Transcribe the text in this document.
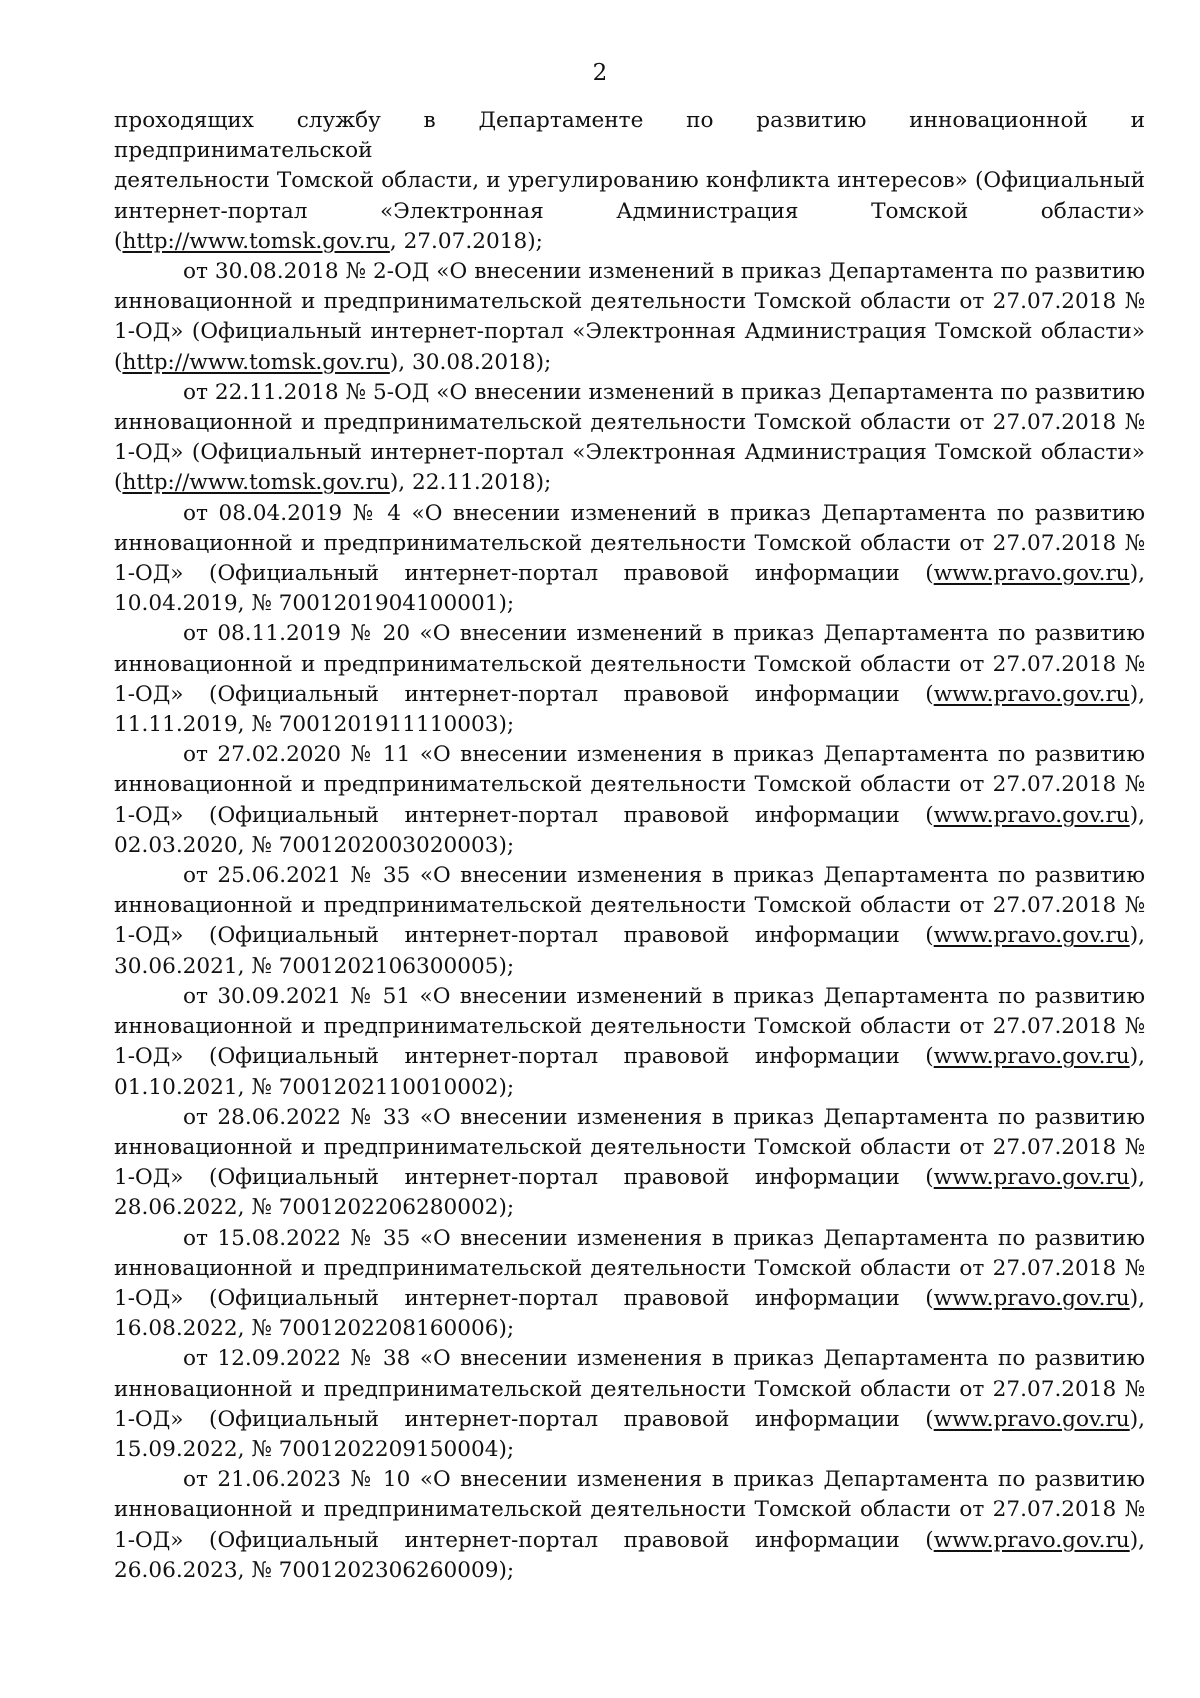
2

проходящих службу в Департаменте по развитию инновационной и предпринимательской
деятельности Томской области, и урегулированию конфликта интересов» (Официальный
интернет-портал «Электронная Администрация Томской области»
(http://www.tomsk.gov.ru, 27.07.2018);

от 30.08.2018 № 2-ОД «О внесении изменений в приказ Департамента по развитию инновационной и предпринимательской деятельности Томской области от 27.07.2018 № 1-ОД» (Официальный интернет-портал «Электронная Администрация Томской области» (http://www.tomsk.gov.ru), 30.08.2018);

от 22.11.2018 № 5-ОД «О внесении изменений в приказ Департамента по развитию инновационной и предпринимательской деятельности Томской области от 27.07.2018 № 1-ОД» (Официальный интернет-портал «Электронная Администрация Томской области» (http://www.tomsk.gov.ru), 22.11.2018);

от 08.04.2019 № 4 «О внесении изменений в приказ Департамента по развитию инновационной и предпринимательской деятельности Томской области от 27.07.2018 № 1-ОД» (Официальный интернет-портал правовой информации (www.pravo.gov.ru), 10.04.2019, № 7001201904100001);

от 08.11.2019 № 20 «О внесении изменений в приказ Департамента по развитию инновационной и предпринимательской деятельности Томской области от 27.07.2018 № 1-ОД» (Официальный интернет-портал правовой информации (www.pravo.gov.ru), 11.11.2019, № 7001201911110003);

от 27.02.2020 № 11 «О внесении изменения в приказ Департамента по развитию инновационной и предпринимательской деятельности Томской области от 27.07.2018 № 1-ОД» (Официальный интернет-портал правовой информации (www.pravo.gov.ru), 02.03.2020, № 7001202003020003);

от 25.06.2021 № 35 «О внесении изменения в приказ Департамента по развитию инновационной и предпринимательской деятельности Томской области от 27.07.2018 № 1-ОД» (Официальный интернет-портал правовой информации (www.pravo.gov.ru), 30.06.2021, № 7001202106300005);

от 30.09.2021 № 51 «О внесении изменений в приказ Департамента по развитию инновационной и предпринимательской деятельности Томской области от 27.07.2018 № 1-ОД» (Официальный интернет-портал правовой информации (www.pravo.gov.ru), 01.10.2021, № 7001202110010002);

от 28.06.2022 № 33 «О внесении изменения в приказ Департамента по развитию инновационной и предпринимательской деятельности Томской области от 27.07.2018 № 1-ОД» (Официальный интернет-портал правовой информации (www.pravo.gov.ru), 28.06.2022, № 7001202206280002);

от 15.08.2022 № 35 «О внесении изменения в приказ Департамента по развитию инновационной и предпринимательской деятельности Томской области от 27.07.2018 № 1-ОД» (Официальный интернет-портал правовой информации (www.pravo.gov.ru), 16.08.2022, № 7001202208160006);

от 12.09.2022 № 38 «О внесении изменения в приказ Департамента по развитию инновационной и предпринимательской деятельности Томской области от 27.07.2018 № 1-ОД» (Официальный интернет-портал правовой информации (www.pravo.gov.ru), 15.09.2022, № 7001202209150004);

от 21.06.2023 № 10 «О внесении изменения в приказ Департамента по развитию инновационной и предпринимательской деятельности Томской области от 27.07.2018 № 1-ОД» (Официальный интернет-портал правовой информации (www.pravo.gov.ru), 26.06.2023, № 7001202306260009);
